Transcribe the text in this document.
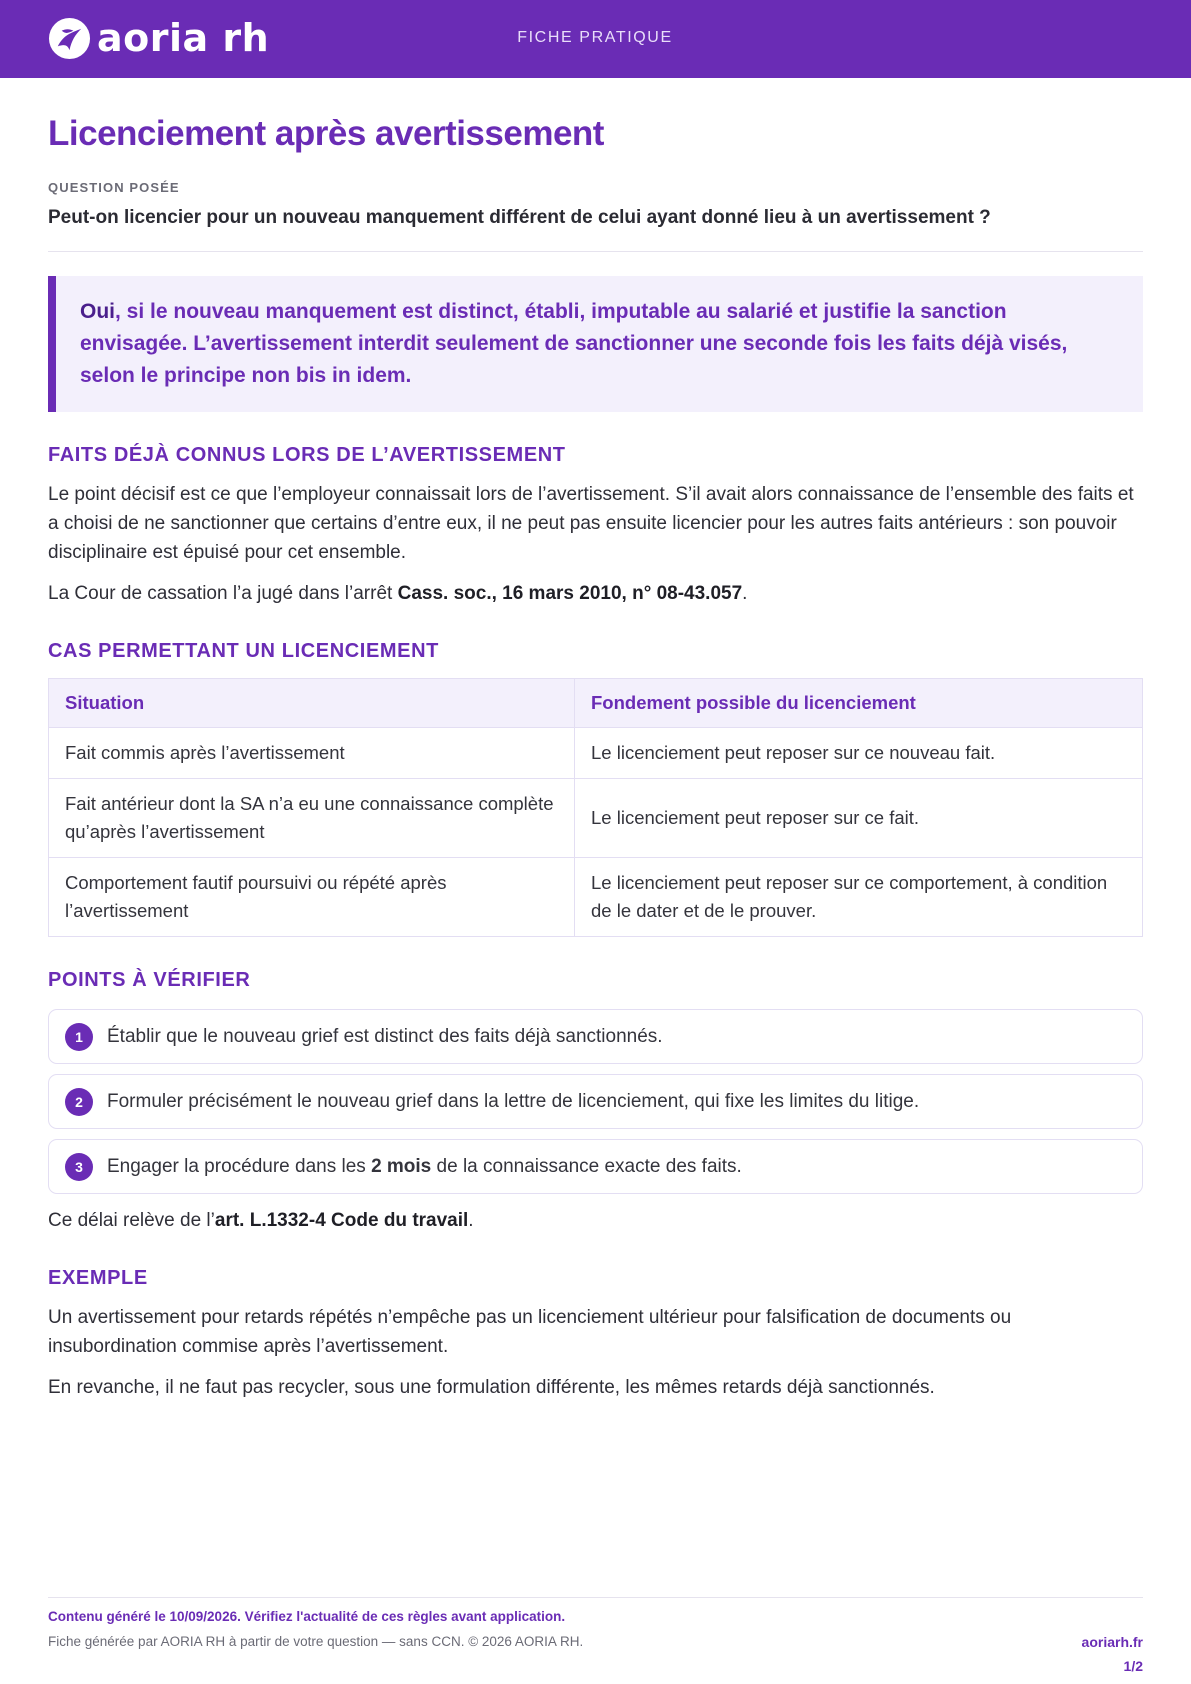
aoria rh	FICHE PRATIQUE
Licenciement après avertissement
QUESTION POSÉE
Peut-on licencier pour un nouveau manquement différent de celui ayant donné lieu à un avertissement ?
Oui, si le nouveau manquement est distinct, établi, imputable au salarié et justifie la sanction envisagée. L’avertissement interdit seulement de sanctionner une seconde fois les faits déjà visés, selon le principe non bis in idem.
FAITS DÉJÀ CONNUS LORS DE L’AVERTISSEMENT

Le point décisif est ce que l’employeur connaissait lors de l’avertissement. S’il avait alors connaissance de l’ensemble des faits et a choisi de ne sanctionner que certains d’entre eux, il ne peut pas ensuite licencier pour les autres faits antérieurs : son pouvoir disciplinaire est épuisé pour cet ensemble.

La Cour de cassation l’a jugé dans l’arrêt Cass. soc., 16 mars 2010, n° 08-43.057.

CAS PERMETTANT UN LICENCIEMENT
Situation	Fondement possible du licenciement
Fait commis après l’avertissement	Le licenciement peut reposer sur ce nouveau fait.
Fait antérieur dont la SA n’a eu une connaissance complète qu’après l’avertissement	Le licenciement peut reposer sur ce fait.
Comportement fautif poursuivi ou répété après l’avertissement	Le licenciement peut reposer sur ce comportement, à condition de le dater et de le prouver.
POINTS À VÉRIFIER
1	Établir que le nouveau grief est distinct des faits déjà sanctionnés.
2	Formuler précisément le nouveau grief dans la lettre de licenciement, qui fixe les limites du litige.
3	Engager la procédure dans les 2 mois de la connaissance exacte des faits.

Ce délai relève de l’art. L.1332-4 Code du travail.

EXEMPLE

Un avertissement pour retards répétés n’empêche pas un licenciement ultérieur pour falsification de documents ou insubordination commise après l’avertissement.

En revanche, il ne faut pas recycler, sous une formulation différente, les mêmes retards déjà sanctionnés.

Contenu généré le 10/09/2026. Vérifiez l'actualité de ces règles avant application.
Fiche générée par AORIA RH à partir de votre question — sans CCN. © 2026 AORIA RH.	aoriarh.fr
1/2
